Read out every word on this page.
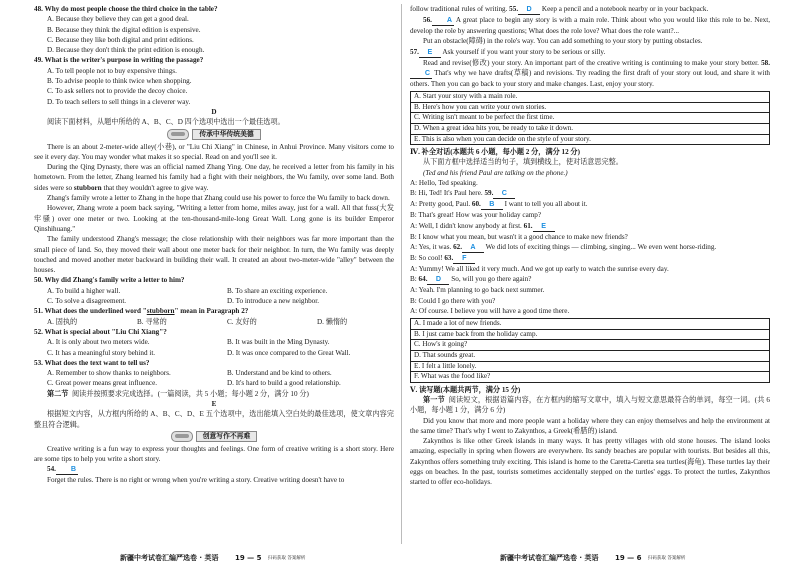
48. Why do most people choose the third choice in the table?

A. Because they believe they can get a good deal.

B. Because they think the digital edition is expensive.

C. Because they like both digital and print editions.

D. Because they don't think the print edition is enough.

49. What is the writer's purpose in writing the passage?

A. To tell people not to buy expensive things.

B. To advise people to think twice when shopping.

C. To ask sellers not to provide the decoy choice.

D. To teach sellers to sell things in a cleverer way.

D

阅读下面材料，从题中所给的 A、B、C、D 四个选项中选出一个最佳选项。

传承中华传统美德

There is an about 2-meter-wide alley(小巷), or "Liu Chi Xiang" in Chinese, in Anhui Province. Many visitors come to see it every day. You may wonder what makes it so special. Read on and you'll see it.

During the Qing Dynasty, there was an official named Zhang Ying. One day, he received a letter from his family in his hometown. From the letter, Zhang learned his family had a fight with their neighbors, the Wu family, over some land. Both sides were so stubborn that they wouldn't agree to give way.

Zhang's family wrote a letter to Zhang in the hope that Zhang could use his power to force the Wu family to back down.

However, Zhang wrote a poem back saying, "Writing a letter from home, miles away, just for a wall. All that fuss(大发牢骚) over one meter or two. Looking at the ten-thousand-mile-long Great Wall. Long gone is its builder Emperor Qinshihuang."

The family understood Zhang's message; the close relationship with their neighbors was far more important than the small piece of land. So, they moved their wall about one meter back for their neighbor. In turn, the Wu family was deeply touched and moved another meter backward in building their wall. It created an about two-meter-wide "alley" between the houses.

50. Why did Zhang's family write a letter to him?

A. To build a higher wall.	B. To share an exciting experience.
C. To solve a disagreement.	D. To introduce a new neighbor.

51. What does the underlined word "stubborn" mean in Paragraph 2?

A. 固执的	B. 寻常的	C. 友好的	D. 懒惰的

52. What is special about "Liu Chi Xiang"?

A. It is only about two meters wide.	B. It was built in the Ming Dynasty.
C. It has a meaningful story behind it.	D. It was once compared to the Great Wall.

53. What does the text want to tell us?

A. Remember to show thanks to neighbors.	B. Understand and be kind to others.
C. Great power means great influence.	D. It's hard to build a good relationship.

第二节 阅读并按照要求完成选择。(一篇阅读，共 5 小题；每小题 2 分，满分 10 分)

E

根据短文内容，从方框内所给的 A、B、C、D、E 五个选项中，选出能填入空白处的最佳选项，使文章内容完整且符合逻辑。

创意写作不再难

Creative writing is a fun way to express your thoughts and feelings. One form of creative writing is a short story. Here are some tips to help you write a short story.

54. B

Forget the rules. There is no right or wrong when you're writing a story. Creative writing doesn't have to

新疆中考试卷汇编严选卷 · 英语 19 — 5 扫码获取 答案解析

follow traditional rules of writing. 55. D Keep a pencil and a notebook nearby or in your backpack.

56. A A great place to begin any story is with a main role. Think about who you would like this role to be. Next, develop the role by answering questions; What does the role love? What does the role want?...

Put an obstacle(障碍) in the role's way. You can add something to your story by putting obstacles.

57. E Ask yourself if you want your story to be serious or silly.

Read and revise(修改) your story. An important part of the creative writing is continuing to make your story better. 58.C That's why we have drafts(草稿) and revisions. Try reading the first draft of your story out loud, and share it with others. Then you can go back to your story and make changes. Last, enjoy your story.

A. Start your story with a main role.
B. Here's how you can write your own stories.
C. Writing isn't meant to be perfect the first time.
D. When a great idea hits you, be ready to take it down.
E. This is also when you can decide on the style of your story.

Ⅳ. 补全对话(本题共 6 小题，每小题 2 分，满分 12 分)

从下面方框中选择适当的句子，填到横线上，使对话意思完整。

(Ted and his friend Paul are talking on the phone.)

A: Hello, Ted speaking.

B: Hi, Ted! It's Paul here. 59. C

A: Pretty good, Paul. 60. B I want to tell you all about it.

B: That's great! How was your holiday camp?

A: Well, I didn't know anybody at first. 61. E

B: I know what you mean, but wasn't it a good chance to make new friends?

A: Yes, it was. 62. A We did lots of exciting things — climbing, singing... We even went horse-riding.

B: So cool! 63. F

A: Yummy! We all liked it very much. And we got up early to watch the sunrise every day.

B: 64. D So, will you go there again?

A: Yeah. I'm planning to go back next summer.

B: Could I go there with you?

A: Of course. I believe you will have a good time there.

A. I made a lot of new friends.
B. I just came back from the holiday camp.
C. How's it going?
D. That sounds great.
E. I felt a little lonely.
F. What was the food like?

Ⅴ. 读写题(本题共两节，满分 15 分)

第一节 阅读短文，根据语篇内容，在方框内的缩写文章中，填入与短文意思最符合的单词，每空一词。(共 6 小题，每小题 1 分，满分 6 分)

Did you know that more and more people want a holiday where they can enjoy themselves and help the environment at the same time? That's why I went to Zakynthos, a Greek(希腊的) island.

Zakynthos is like other Greek islands in many ways. It has pretty villages with old stone houses. The island looks amazing, especially in spring when flowers are everywhere. Its sandy beaches are popular with tourists. But besides all this, Zakynthos offers something truly exciting. This island is home to the Caretta-Caretta sea turtles(海龟). These turtles lay their eggs on beaches. In the past, tourists sometimes accidentally stepped on the turtles' eggs. To protect the turtles, Zakynthos started to offer eco-holidays.

新疆中考试卷汇编严选卷 · 英语 19 — 6 扫码获取 答案解析
